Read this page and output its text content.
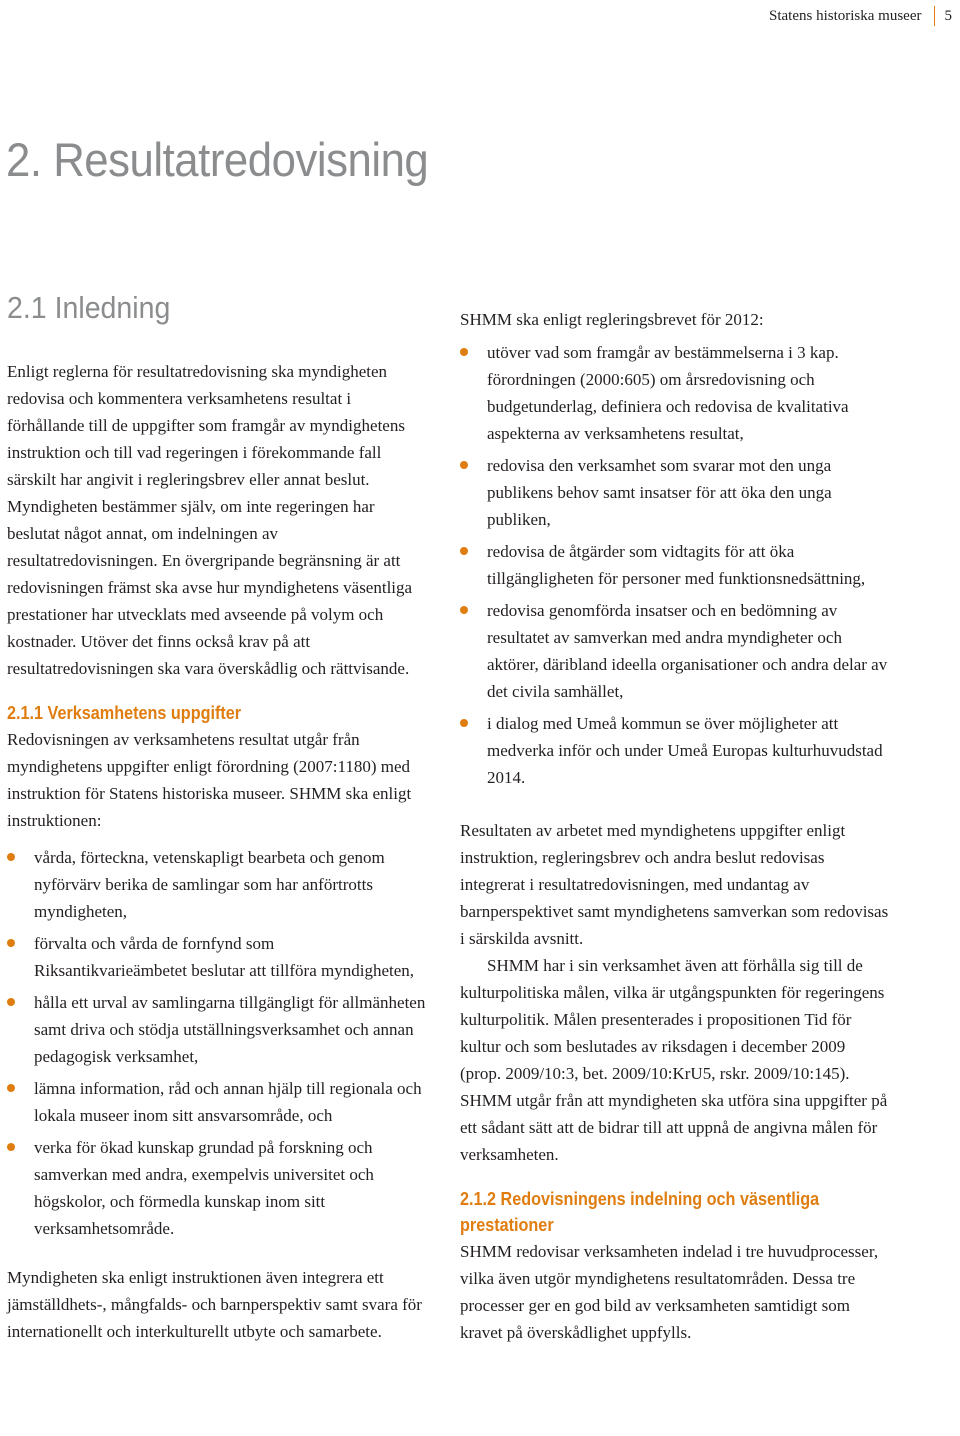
Statens historiska museer 5
2. Resultatredovisning
2.1 Inledning

Enligt reglerna för resultatredovisning ska myndigheten redovisa och kommentera verksamhetens resultat i förhållande till de uppgifter som framgår av myndighetens instruktion och till vad regeringen i förekommande fall särskilt har angivit i regleringsbrev eller annat beslut. Myndigheten bestämmer själv, om inte regeringen har beslutat något annat, om indelningen av resultatredovisningen. En övergripande begränsning är att redovisningen främst ska avse hur myndighetens väsentliga prestationer har utvecklats med avseende på volym och kostnader. Utöver det finns också krav på att resultatredovisningen ska vara överskådlig och rättvisande.

2.1.1 Verksamhetens uppgifter

Redovisningen av verksamhetens resultat utgår från myndighetens uppgifter enligt förordning (2007:1180) med instruktion för Statens historiska museer. SHMM ska enligt instruktionen:

vårda, förteckna, vetenskapligt bearbeta och genom nyförvärv berika de samlingar som har anförtrotts myndigheten,
förvalta och vårda de fornfynd som Riksantikvarieämbetet beslutar att tillföra myndigheten,
hålla ett urval av samlingarna tillgängligt för allmänheten samt driva och stödja utställningsverksamhet och annan pedagogisk verksamhet,
lämna information, råd och annan hjälp till regionala och lokala museer inom sitt ansvarsområde, och
verka för ökad kunskap grundad på forskning och samverkan med andra, exempelvis universitet och högskolor, och förmedla kunskap inom sitt verksamhetsområde.

Myndigheten ska enligt instruktionen även integrera ett jämställdhets-, mångfalds- och barnperspektiv samt svara för internationellt och interkulturellt utbyte och samarbete.

SHMM ska enligt regleringsbrevet för 2012:

utöver vad som framgår av bestämmelserna i 3 kap. förordningen (2000:605) om årsredovisning och budgetunderlag, definiera och redovisa de kvalitativa aspekterna av verksamhetens resultat,
redovisa den verksamhet som svarar mot den unga publikens behov samt insatser för att öka den unga publiken,
redovisa de åtgärder som vidtagits för att öka tillgängligheten för personer med funktionsnedsättning,
redovisa genomförda insatser och en bedömning av resultatet av samverkan med andra myndigheter och aktörer, däribland ideella organisationer och andra delar av det civila samhället,
i dialog med Umeå kommun se över möjligheter att medverka inför och under Umeå Europas kulturhuvudstad 2014.

Resultaten av arbetet med myndighetens uppgifter enligt instruktion, regleringsbrev och andra beslut redovisas integrerat i resultatredovisningen, med undantag av barnperspektivet samt myndighetens samverkan som redovisas i särskilda avsnitt.

SHMM har i sin verksamhet även att förhålla sig till de kulturpolitiska målen, vilka är utgångspunkten för regeringens kulturpolitik. Målen presenterades i propositionen Tid för kultur och som beslutades av riksdagen i december 2009 (prop. 2009/10:3, bet. 2009/10:KrU5, rskr. 2009/10:145). SHMM utgår från att myndigheten ska utföra sina uppgifter på ett sådant sätt att de bidrar till att uppnå de angivna målen för verksamheten.

2.1.2 Redovisningens indelning och väsentliga prestationer

SHMM redovisar verksamheten indelad i tre huvudprocesser, vilka även utgör myndighetens resultatområden. Dessa tre processer ger en god bild av verksamheten samtidigt som kravet på överskådlighet uppfylls.
